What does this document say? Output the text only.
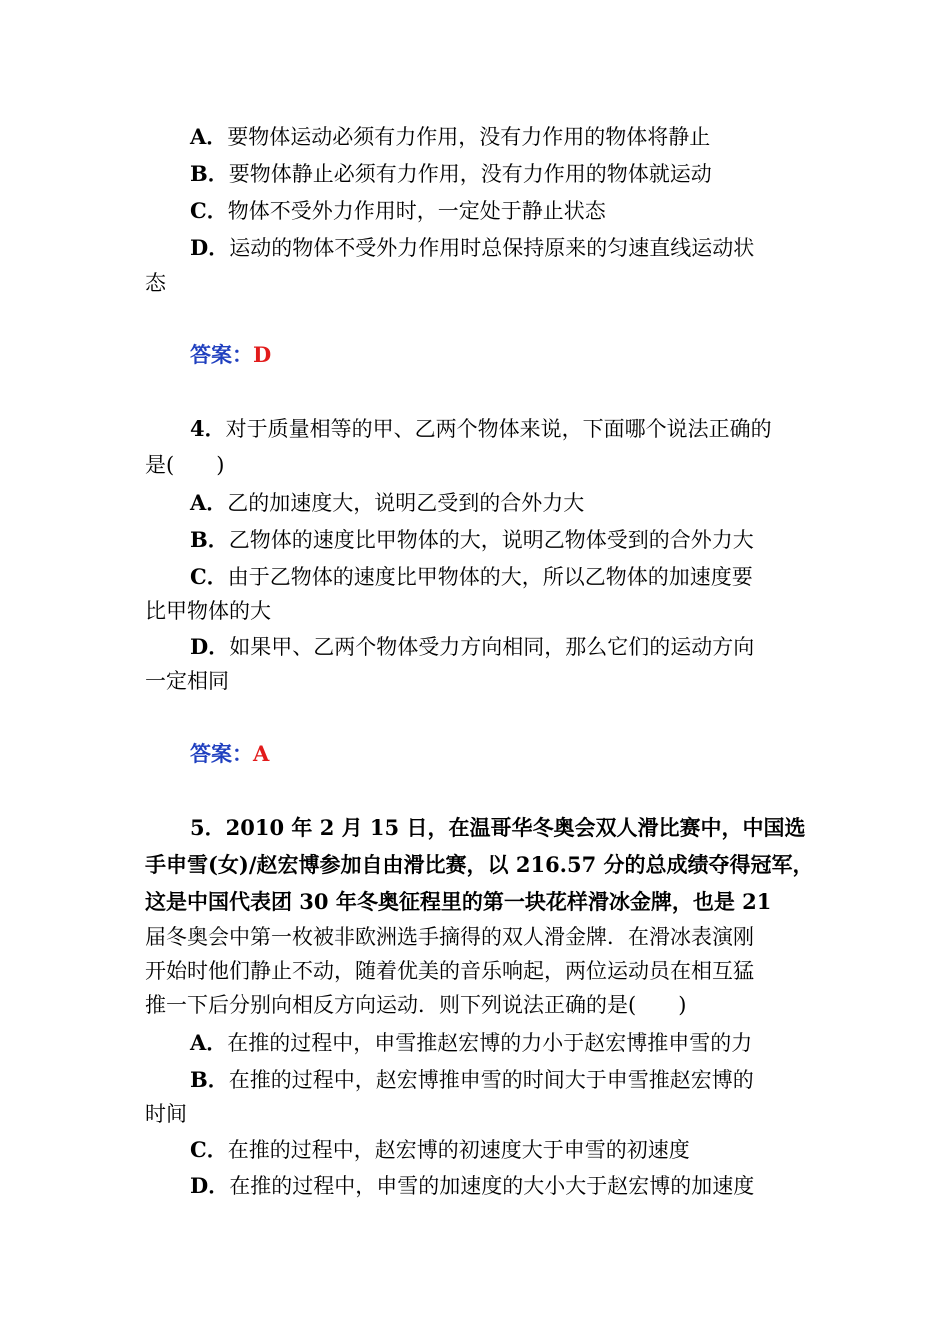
A．要物体运动必须有力作用，没有力作用的物体将静止
B．要物体静止必须有力作用，没有力作用的物体就运动
C．物体不受外力作用时，一定处于静止状态
D．运动的物体不受外力作用时总保持原来的匀速直线运动状
态
答案：D
4．对于质量相等的甲、乙两个物体来说，下面哪个说法正确的
是(　　)
A．乙的加速度大，说明乙受到的合外力大
B．乙物体的速度比甲物体的大，说明乙物体受到的合外力大
C．由于乙物体的速度比甲物体的大，所以乙物体的加速度要
比甲物体的大
D．如果甲、乙两个物体受力方向相同，那么它们的运动方向
一定相同
答案：A
5．2010 年 2 月 15 日，在温哥华冬奥会双人滑比赛中，中国选
手申雪(女)/赵宏博参加自由滑比赛，以 216.57 分的总成绩夺得冠军，
这是中国代表团 30 年冬奥征程里的第一块花样滑冰金牌，也是 21
届冬奥会中第一枚被非欧洲选手摘得的双人滑金牌．在滑冰表演刚
开始时他们静止不动，随着优美的音乐响起，两位运动员在相互猛
推一下后分别向相反方向运动．则下列说法正确的是(　　)
A．在推的过程中，申雪推赵宏博的力小于赵宏博推申雪的力
B．在推的过程中，赵宏博推申雪的时间大于申雪推赵宏博的
时间
C．在推的过程中，赵宏博的初速度大于申雪的初速度
D．在推的过程中，申雪的加速度的大小大于赵宏博的加速度
